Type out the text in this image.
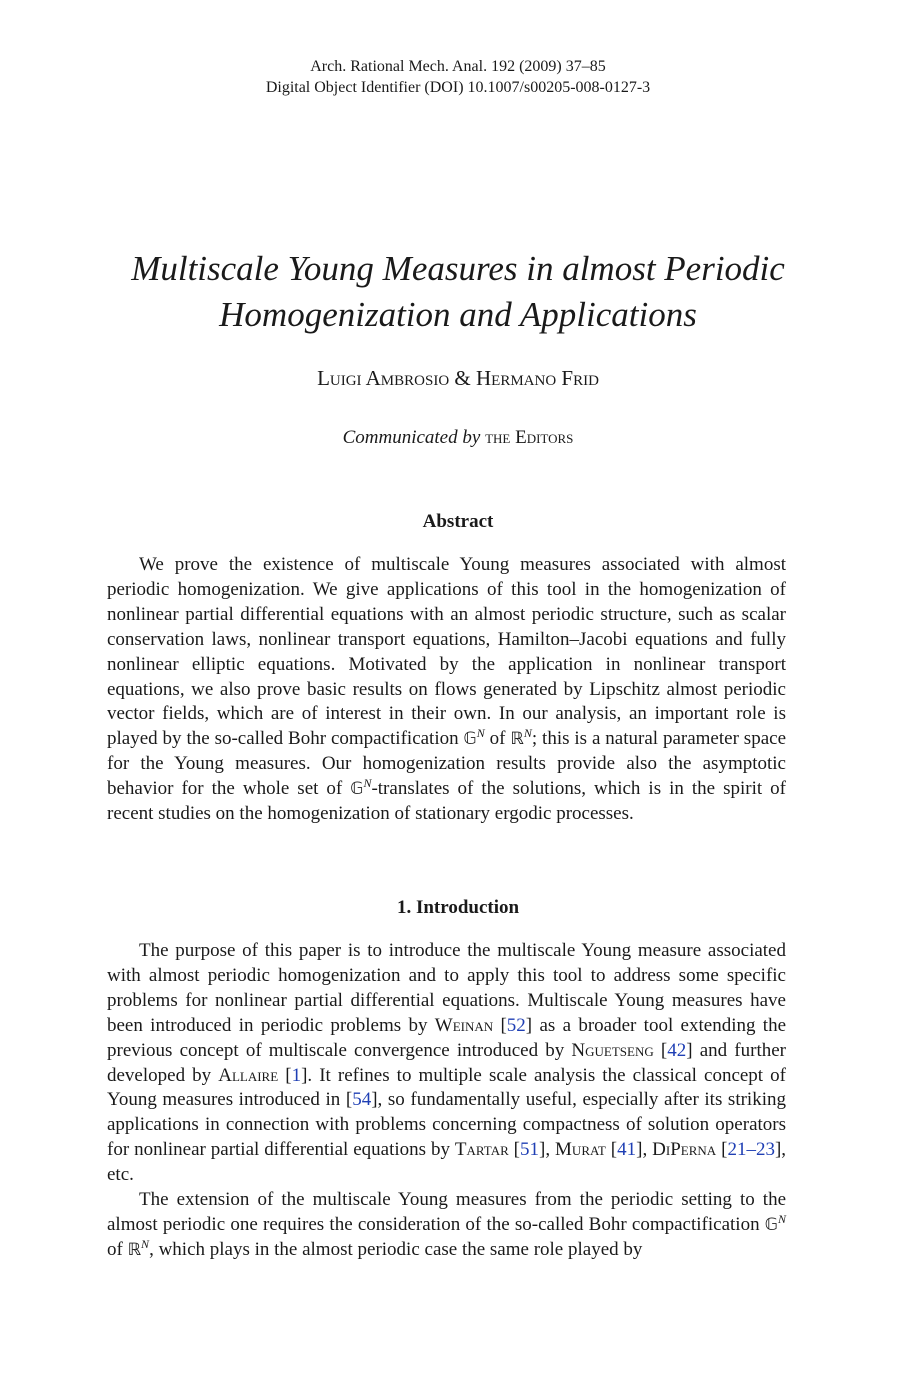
Arch. Rational Mech. Anal. 192 (2009) 37–85
Digital Object Identifier (DOI) 10.1007/s00205-008-0127-3
Multiscale Young Measures in almost Periodic
Homogenization and Applications
Luigi Ambrosio & Hermano Frid
Communicated by the Editors
Abstract

We prove the existence of multiscale Young measures associated with almost periodic homogenization. We give applications of this tool in the homogenization of nonlinear partial differential equations with an almost periodic structure, such as scalar conservation laws, nonlinear transport equations, Hamilton–Jacobi equations and fully nonlinear elliptic equations. Motivated by the application in nonlinear transport equations, we also prove basic results on flows generated by Lipschitz almost periodic vector fields, which are of interest in their own. In our analysis, an important role is played by the so-called Bohr compactification 𝔾$^N$ of ℝ$^N$; this is a natural parameter space for the Young measures. Our homogenization results provide also the asymptotic behavior for the whole set of 𝔾$^N$-translates of the solutions, which is in the spirit of recent studies on the homogenization of stationary ergodic processes.

1. Introduction

The purpose of this paper is to introduce the multiscale Young measure associated with almost periodic homogenization and to apply this tool to address some specific problems for nonlinear partial differential equations. Multiscale Young measures have been introduced in periodic problems by Weinan [52] as a broader tool extending the previous concept of multiscale convergence introduced by Nguetseng [42] and further developed by Allaire [1]. It refines to multiple scale analysis the classical concept of Young measures introduced in [54], so fundamentally useful, especially after its striking applications in connection with problems concerning compactness of solution operators for nonlinear partial differential equations by Tartar [51], Murat [41], DiPerna [21–23], etc.

The extension of the multiscale Young measures from the periodic setting to the almost periodic one requires the consideration of the so-called Bohr compactification 𝔾$^N$ of ℝ$^N$, which plays in the almost periodic case the same role played by
